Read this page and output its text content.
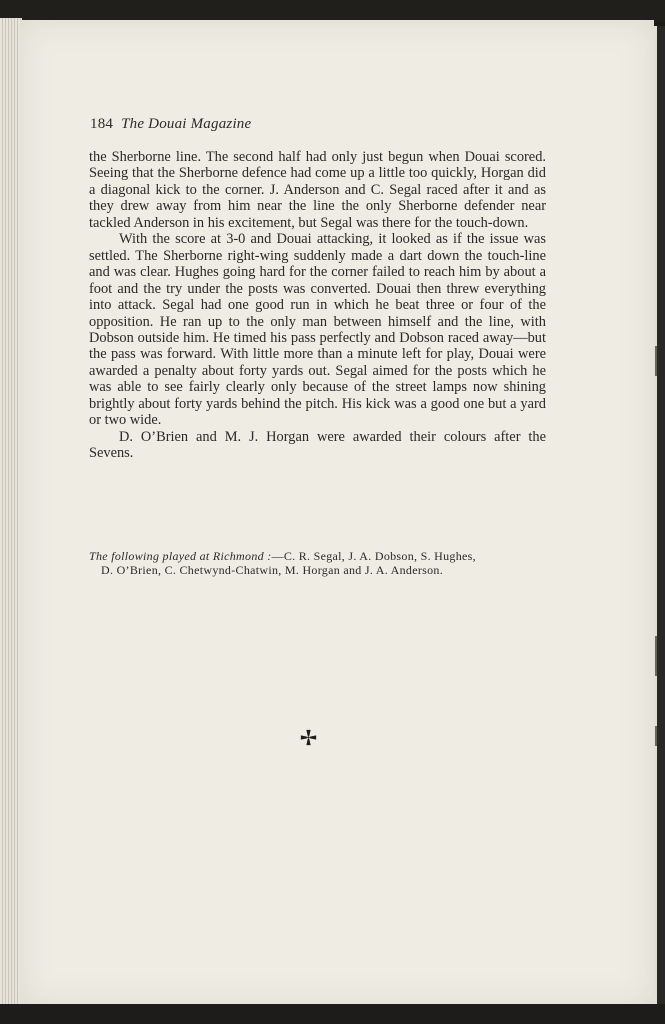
184 The Douai Magazine

the Sherborne line. The second half had only just begun when Douai scored. Seeing that the Sherborne defence had come up a little too quickly, Horgan did a diagonal kick to the corner. J. Anderson and C. Segal raced after it and as they drew away from him near the line the only Sherborne defender near tackled Anderson in his excitement, but Segal was there for the touch-down.

With the score at 3-0 and Douai attacking, it looked as if the issue was settled. The Sherborne right-wing suddenly made a dart down the touch-line and was clear. Hughes going hard for the corner failed to reach him by about a foot and the try under the posts was converted. Douai then threw everything into attack. Segal had one good run in which he beat three or four of the opposition. He ran up to the only man between himself and the line, with Dobson outside him. He timed his pass perfectly and Dobson raced away—but the pass was forward. With little more than a minute left for play, Douai were awarded a penalty about forty yards out. Segal aimed for the posts which he was able to see fairly clearly only because of the street lamps now shining brightly about forty yards behind the pitch. His kick was a good one but a yard or two wide.

D. O’Brien and M. J. Horgan were awarded their colours after the Sevens.

The following played at Richmond :—C. R. Segal, J. A. Dobson, S. Hughes,
D. O’Brien, C. Chetwynd-Chatwin, M. Horgan and J. A. Anderson.
